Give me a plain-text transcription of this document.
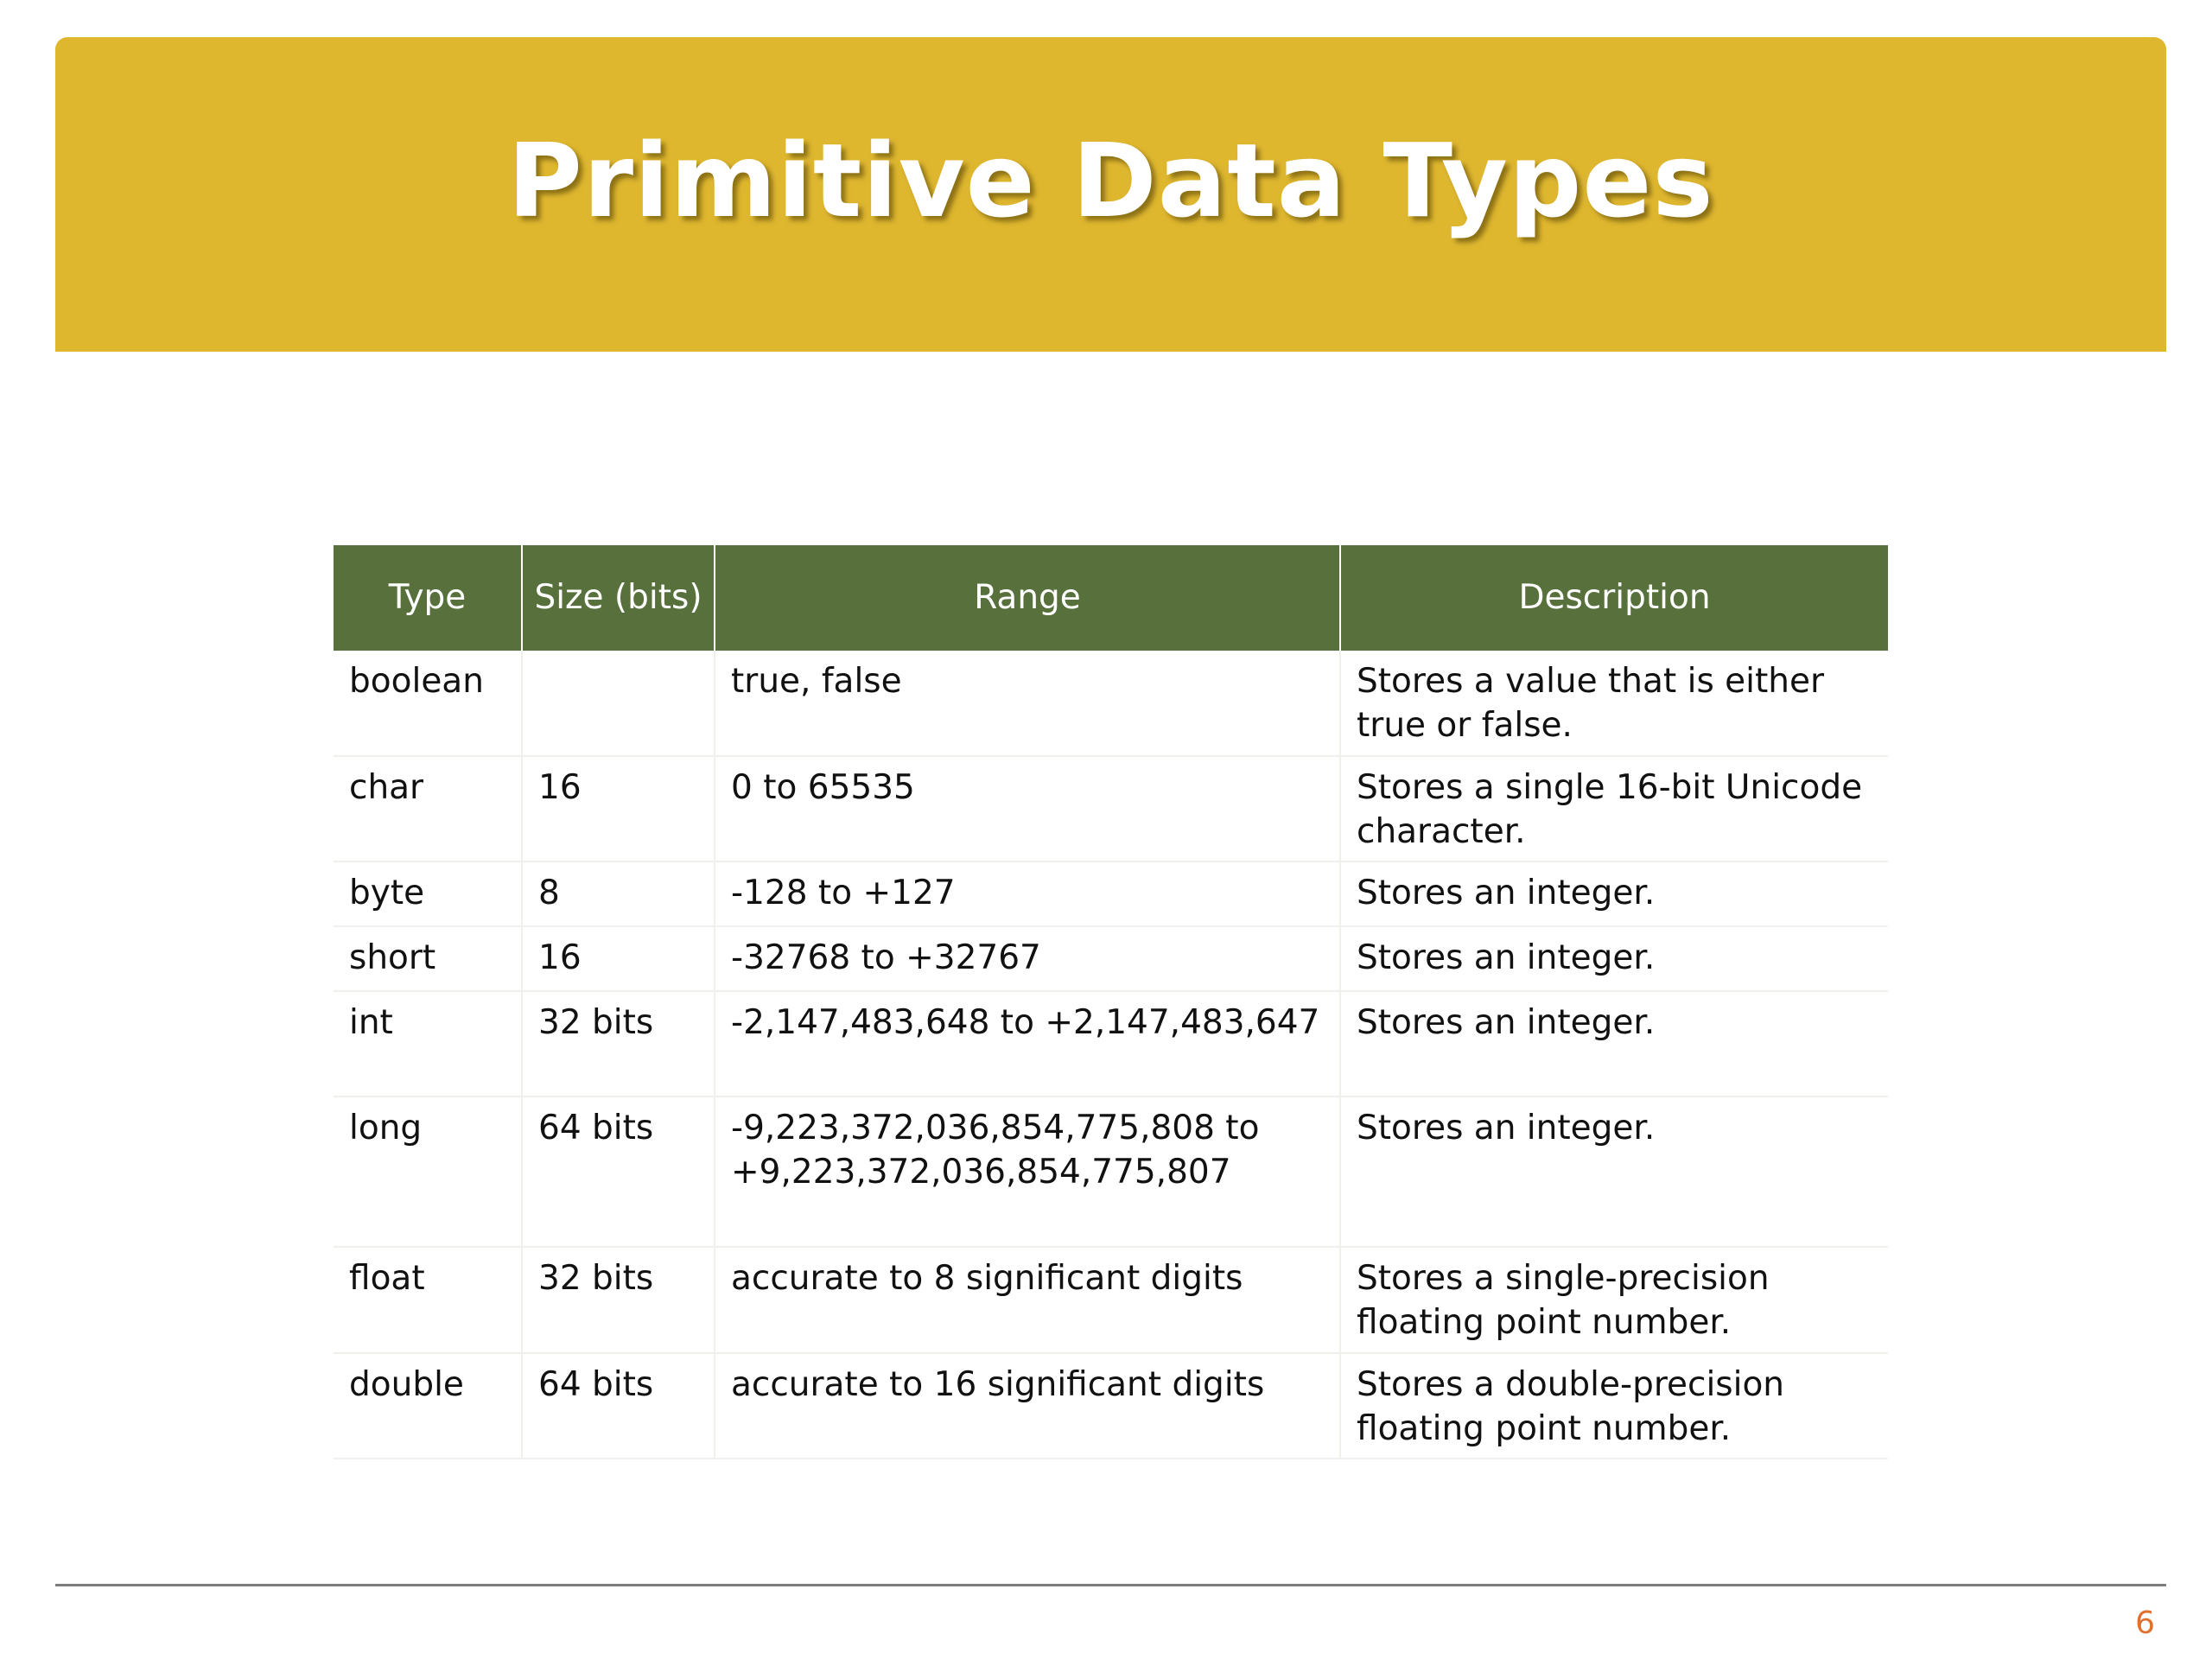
Primitive Data Types
Type	Size (bits)	Range	Description
boolean		true, false	Stores a value that is either true or false.
char	16	0 to 65535	Stores a single 16-bit Unicode character.
byte	8	-128 to +127	Stores an integer.
short	16	-32768 to +32767	Stores an integer.
int	32 bits	-2,147,483,648 to +2,147,483,647	Stores an integer.
long	64 bits	-9,223,372,036,854,775,808 to +9,223,372,036,854,775,807	Stores an integer.
float	32 bits	accurate to 8 significant digits	Stores a single-precision floating point number.
double	64 bits	accurate to 16 significant digits	Stores a double-precision floating point number.
6
